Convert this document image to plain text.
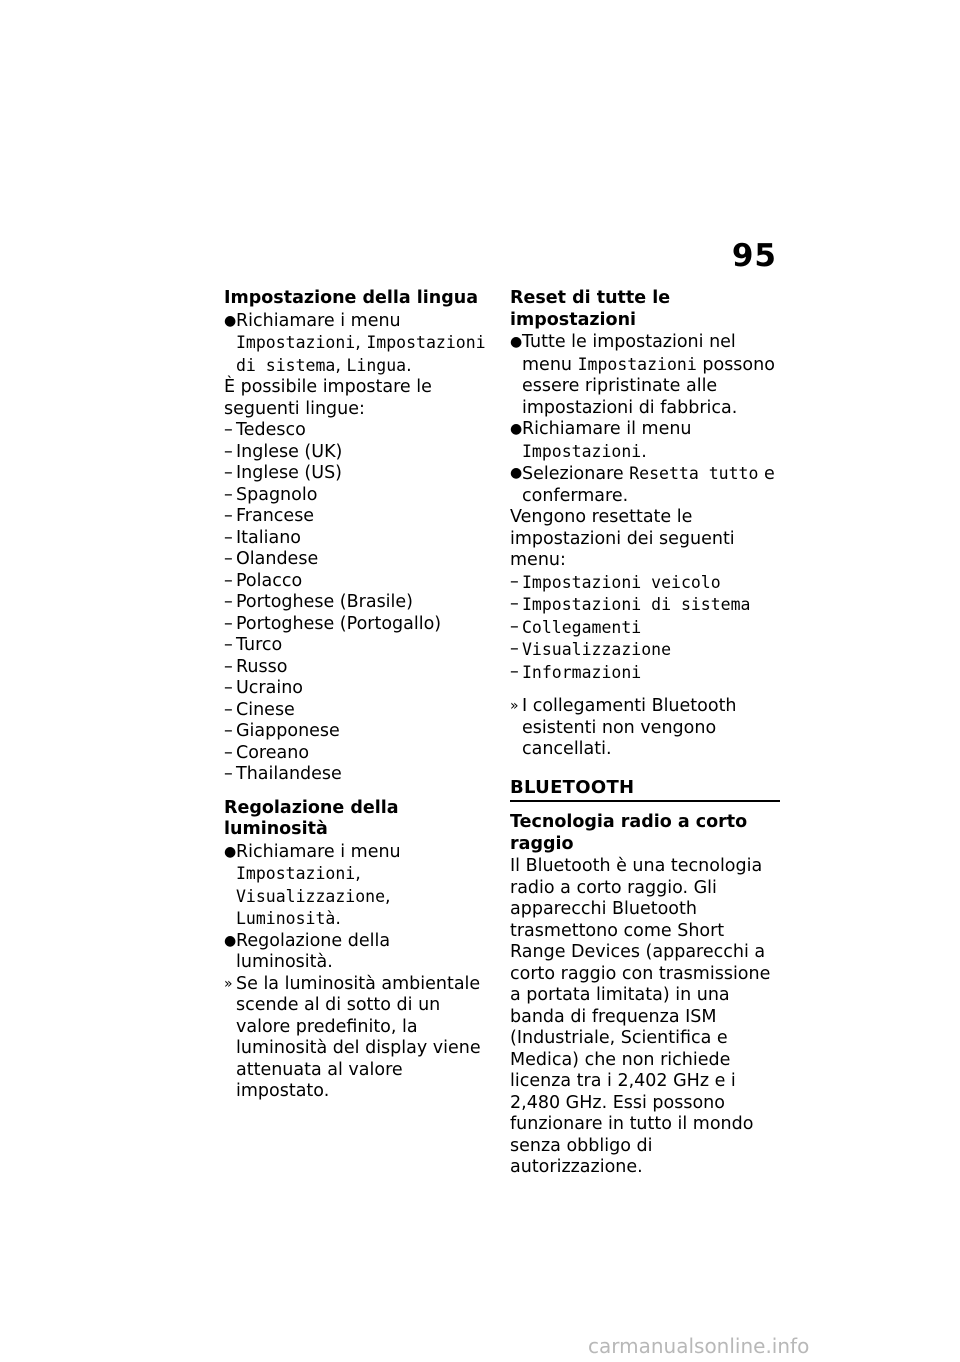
95
Impostazione della lingua
● Richiamare i menu Impostazioni, Impostazioni di sistema, Lingua.

È possibile impostare le seguenti lingue:

– Tedesco
– Inglese (UK)
– Inglese (US)
– Spagnolo
– Francese
– Italiano
– Olandese
– Polacco
– Portoghese (Brasile)
– Portoghese (Portogallo)
– Turco
– Russo
– Ucraino
– Cinese
– Giapponese
– Coreano
– Thailandese
Regolazione della luminosità
● Richiamare i menu Impostazioni, Visualizzazione, Luminosità.
● Regolazione della luminosità.
» Se la luminosità ambientale scende al di sotto di un valore predefinito, la luminosità del display viene attenuata al valore impostato.
Reset di tutte le impostazioni
● Tutte le impostazioni nel menu Impostazioni possono essere ripristinate alle impostazioni di fabbrica.
● Richiamare il menu Impostazioni.
● Selezionare Resetta tutto e confermare.

Vengono resettate le impostazioni dei seguenti menu:

– Impostazioni veicolo
– Impostazioni di sistema
– Collegamenti
– Visualizzazione
– Informazioni
» I collegamenti Bluetooth esistenti non vengono cancellati.
BLUETOOTH
Tecnologia radio a corto raggio

Il Bluetooth è una tecnologia radio a corto raggio. Gli apparecchi Bluetooth trasmettono come Short Range Devices (apparecchi a corto raggio con trasmissione a portata limitata) in una banda di frequenza ISM (Industriale, Scientifica e Medica) che non richiede licenza tra i 2,402 GHz e i 2,480 GHz. Essi possono funzionare in tutto il mondo senza obbligo di autorizzazione.

carmanualsonline.info
